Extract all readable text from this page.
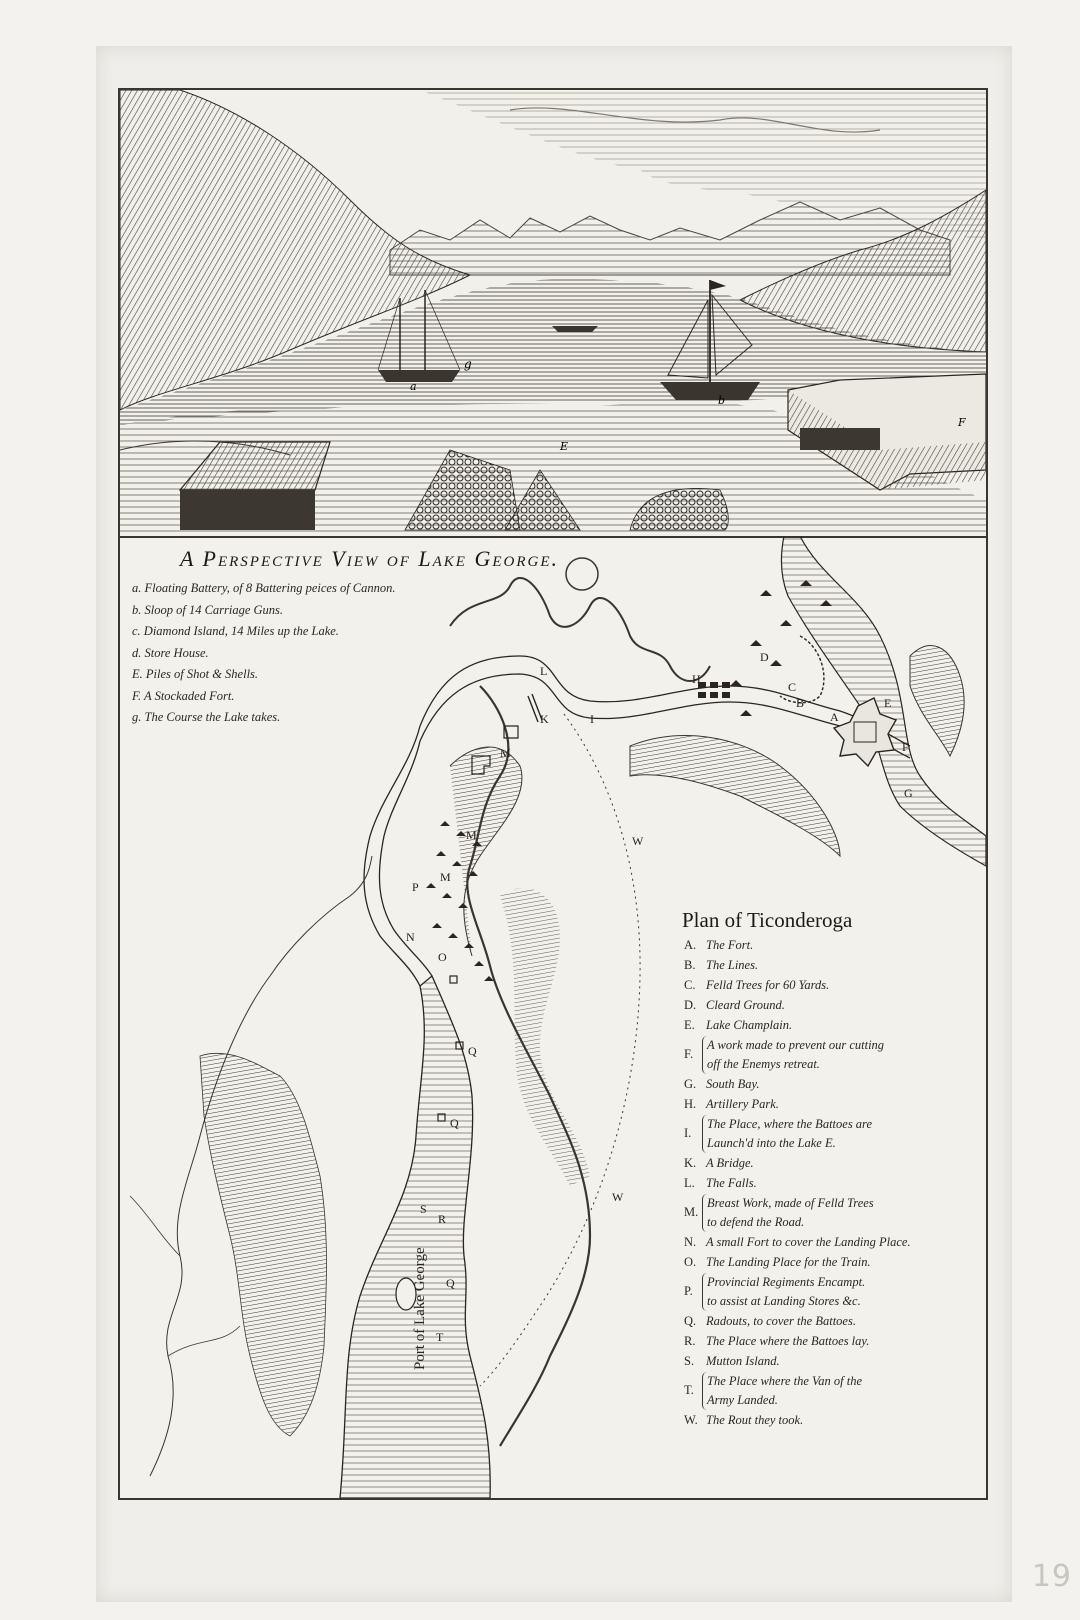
g
a
b
E
F
A Perspective View of Lake George.
a. Floating Battery, of 8 Battering peices of Cannon.
b. Sloop of 14 Carriage Guns.
c. Diamond Island, 14 Miles up the Lake.
d. Store House.
E. Piles of Shot & Shells.
F. A Stockaded Fort.
g. The Course the Lake takes.
L
K	I
H
D
C
B
A
E
F
G
M
M
M
P
N
O
Q
Q
Q
R
S
T
W
W
Port of Lake George
Plan of Ticonderoga
A. The Fort.
B. The Lines.
C. Felld Trees for 60 Yards.
D. Cleard Ground.
E. Lake Champlain.
F.
A work made to prevent our cutting
off the Enemys retreat.
G. South Bay.
H. Artillery Park.
I.
The Place, where the Battoes are
Launch'd into the Lake E.
K. A Bridge.
L. The Falls.
M.
Breast Work, made of Felld Trees
to defend the Road.
N. A small Fort to cover the Landing Place.
O. The Landing Place for the Train.
P.
Provincial Regiments Encampt.
to assist at Landing Stores &c.
Q. Radouts, to cover the Battoes.
R. The Place where the Battoes lay.
S. Mutton Island.
T.
The Place where the Van of the
Army Landed.
W. The Rout they took.
19
